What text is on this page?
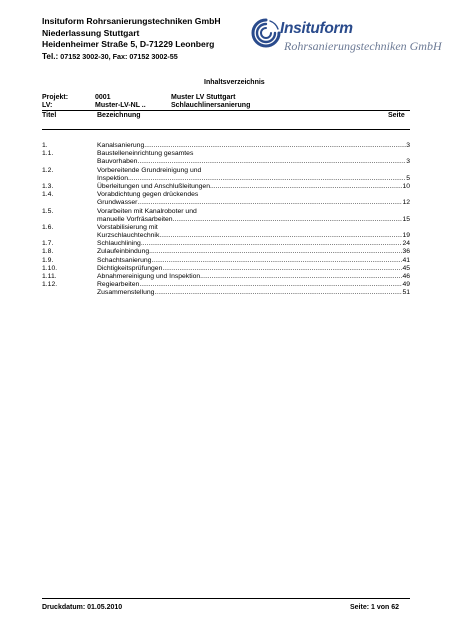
Insituform Rohrsanierungstechniken GmbH
Niederlassung Stuttgart
Heidenheimer Straße 5, D-71229 Leonberg
Tel.: 07152 3002-30, Fax: 07152 3002-55
Insituform
Rohrsanierungstechniken GmbH
Inhaltsverzeichnis
Projekt:	0001	Muster LV Stuttgart
LV:	Muster-LV-NL ..	Schlauchlinersanierung
Titel	Bezeichnung	Seite
1.	Kanalsanierung .....	3
1.1.	Baustelleneinrichtung gesamtes
Bauvorhaben .....	3
1.2.	Vorbereitende Grundreinigung und
Inspektion .....	5
1.3.	Überleitungen und Anschlußleitungen .....	10
1.4.	Vorabdichtung gegen drückendes
Grundwasser .....	12
1.5.	Vorarbeiten mit Kanalroboter und
manuelle Vorfräsarbeiten .....	15
1.6.	Vorstabilisierung mit
Kurzschlauchtechnik .....	19
1.7.	Schlauchlining .....	24
1.8.	Zulaufeinbindung .....	36
1.9.	Schachtsanierung .....	41
1.10.	Dichtigkeitsprüfungen .....	45
1.11.	Abnahmereinigung und Inspektion .....	46
1.12.	Regiearbeiten .....	49
Zusammenstellung .....	51
Druckdatum: 01.05.2010	Seite: 1 von 62
